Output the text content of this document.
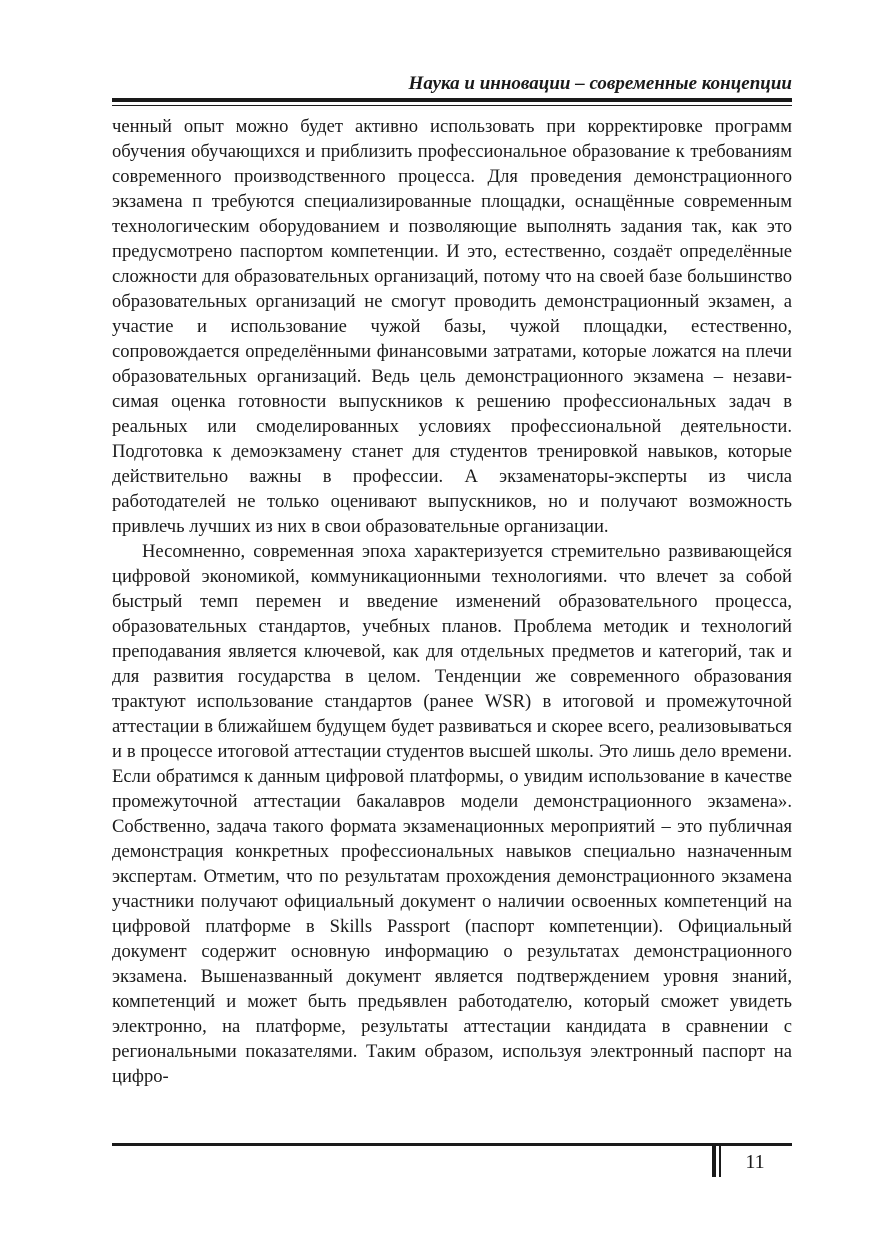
Наука и инновации – современные концепции

ченный опыт можно будет активно использовать при корректировке программ обучения обучающихся и приблизить профессиональное образование к требованиям современного производственного процесса. Для проведения демонстрационного экзамена п требуются специализированные площадки, оснащённые современным технологическим оборудованием и позволяющие выполнять задания так, как это предусмотрено паспортом компетенции. И это, естественно, создаёт определённые сложности для образовательных организаций, потому что на своей базе большинство образовательных организаций не смогут проводить демонстрационный экзамен, а участие и использование чужой базы, чужой площадки, естественно, сопровождается определёнными финансовыми затратами, которые ложатся на плечи образовательных организаций. Ведь цель демонстрационного экзамена – независимая оценка готовности выпускников к решению профессиональных задач в реальных или смоделированных условиях профессиональной деятельности. Подготовка к демоэкзамену станет для студентов тренировкой навыков, которые действительно важны в профессии. А экзаменаторы-эксперты из числа работодателей не только оценивают выпускников, но и получают возможность привлечь лучших из них в свои образовательные организации.

Несомненно, современная эпоха характеризуется стремительно развивающейся цифровой экономикой, коммуникационными технологиями. что влечет за собой быстрый темп перемен и введение изменений образовательного процесса, образовательных стандартов, учебных планов. Проблема методик и технологий преподавания является ключевой, как для отдельных предметов и категорий, так и для развития государства в целом. Тенденции же современного образования трактуют использование стандартов (ранее WSR) в итоговой и промежуточной аттестации в ближайшем будущем будет развиваться и скорее всего, реализовываться и в процессе итоговой аттестации студентов высшей школы. Это лишь дело времени. Если обратимся к данным цифровой платформы, о увидим использование в качестве промежуточной аттестации бакалавров модели демонстрационного экзамена». Собственно, задача такого формата экзаменационных мероприятий – это публичная демонстрация конкретных профессиональных навыков специально назначенным экспертам. Отметим, что по результатам прохождения демонстрационного экзамена участники получают официальный документ о наличии освоенных компетенций на цифровой платформе в Skills Passport (паспорт компетенции). Официальный документ содержит основную информацию о результатах демонстрационного экзамена. Вышеназванный документ является подтверждением уровня знаний, компетенций и может быть предьявлен работодателю, который сможет увидеть электронно, на платформе, результаты аттестации кандидата в сравнении с региональными показателями. Таким образом, используя электронный паспорт на цифро-

11
